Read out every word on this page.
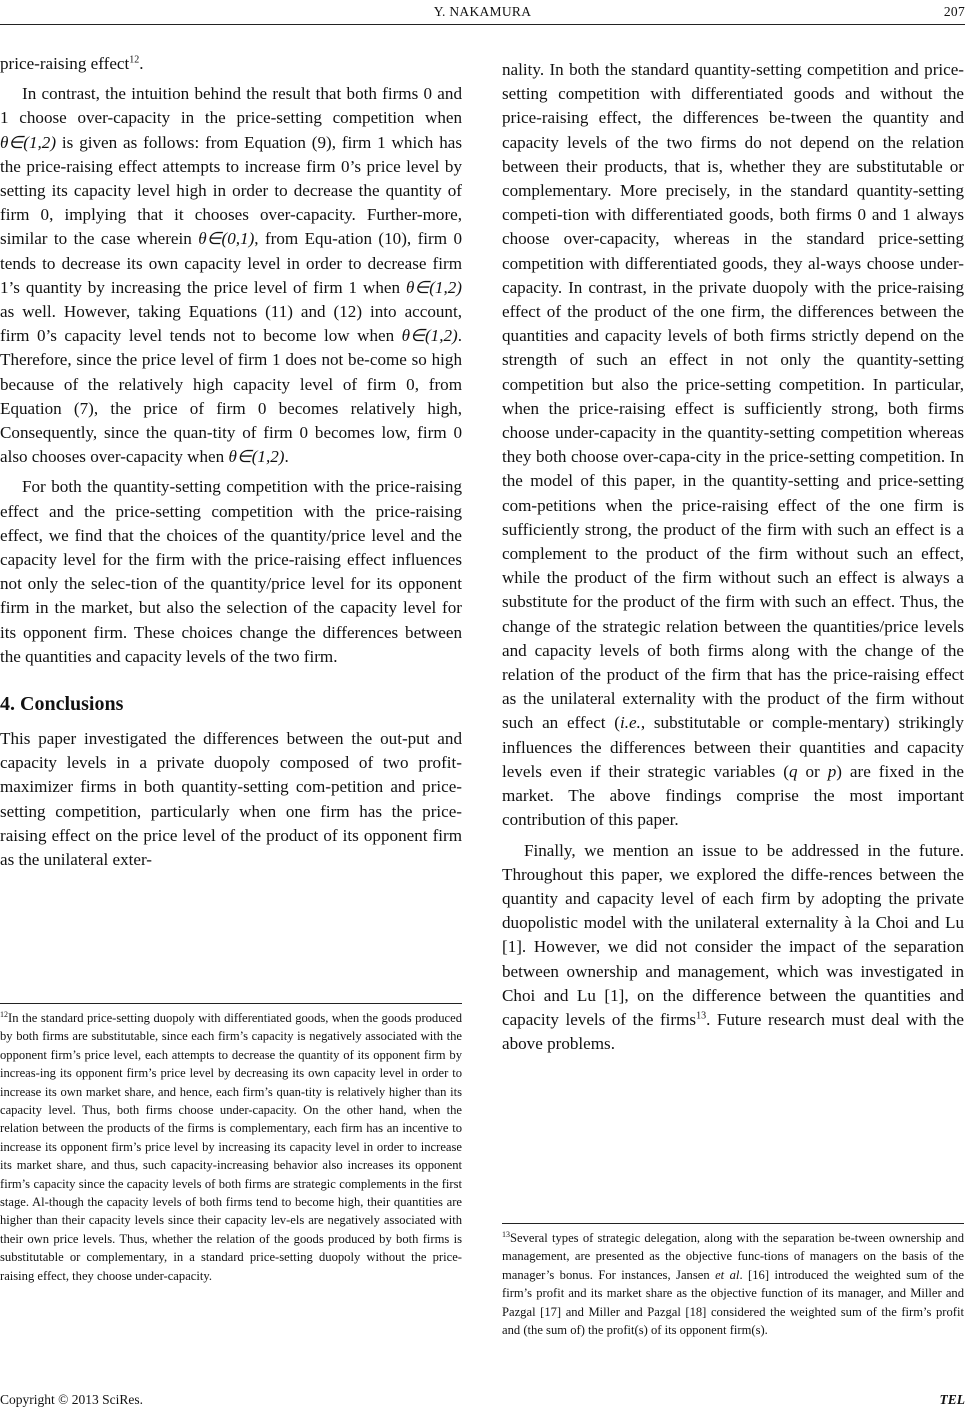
Y. NAKAMURA	207

price-raising effect$^{12}$.

In contrast, the intuition behind the result that both firms 0 and 1 choose over-capacity in the price-setting competition when θ∈(1,2) is given as follows: from Equation (9), firm 1 which has the price-raising effect attempts to increase firm 0’s price level by setting its capacity level high in order to decrease the quantity of firm 0, implying that it chooses over-capacity. Further-more, similar to the case wherein θ∈(0,1), from Equ-ation (10), firm 0 tends to decrease its own capacity level in order to decrease firm 1’s quantity by increasing the price level of firm 1 when θ∈(1,2) as well. However, taking Equations (11) and (12) into account, firm 0’s capacity level tends not to become low when θ∈(1,2). Therefore, since the price level of firm 1 does not be-come so high because of the relatively high capacity level of firm 0, from Equation (7), the price of firm 0 becomes relatively high, Consequently, since the quan-tity of firm 0 becomes low, firm 0 also chooses over-capacity when θ∈(1,2).

For both the quantity-setting competition with the price-raising effect and the price-setting competition with the price-raising effect, we find that the choices of the quantity/price level and the capacity level for the firm with the price-raising effect influences not only the selec-tion of the quantity/price level for its opponent firm in the market, but also the selection of the capacity level for its opponent firm. These choices change the differences between the quantities and capacity levels of the two firm.

4. Conclusions

This paper investigated the differences between the out-put and capacity levels in a private duopoly composed of two profit-maximizer firms in both quantity-setting com-petition and price-setting competition, particularly when one firm has the price-raising effect on the price level of the product of its opponent firm as the unilateral exter-

$^{12}$In the standard price-setting duopoly with differentiated goods, when the goods produced by both firms are substitutable, since each firm’s capacity is negatively associated with the opponent firm’s price level, each attempts to decrease the quantity of its opponent firm by increas-ing its opponent firm’s price level by decreasing its own capacity level in order to increase its own market share, and hence, each firm’s quan-tity is relatively higher than its capacity level. Thus, both firms choose under-capacity. On the other hand, when the relation between the products of the firms is complementary, each firm has an incentive to increase its opponent firm’s price level by increasing its capacity level in order to increase its market share, and thus, such capacity-increasing behavior also increases its opponent firm’s capacity since the capacity levels of both firms are strategic complements in the first stage. Al-though the capacity levels of both firms tend to become high, their quantities are higher than their capacity levels since their capacity lev-els are negatively associated with their own price levels. Thus, whether the relation of the goods produced by both firms is substitutable or complementary, in a standard price-setting duopoly without the price-raising effect, they choose under-capacity.

nality. In both the standard quantity-setting competition and price-setting competition with differentiated goods and without the price-raising effect, the differences be-tween the quantity and capacity levels of the two firms do not depend on the relation between their products, that is, whether they are substitutable or complementary. More precisely, in the standard quantity-setting competi-tion with differentiated goods, both firms 0 and 1 always choose over-capacity, whereas in the standard price-setting competition with differentiated goods, they al-ways choose under-capacity. In contrast, in the private duopoly with the price-raising effect of the product of the one firm, the differences between the quantities and capacity levels of both firms strictly depend on the strength of such an effect in not only the quantity-setting competition but also the price-setting competition. In particular, when the price-raising effect is sufficiently strong, both firms choose under-capacity in the quantity-setting competition whereas they both choose over-capa-city in the price-setting competition. In the model of this paper, in the quantity-setting and price-setting com-petitions when the price-raising effect of the one firm is sufficiently strong, the product of the firm with such an effect is a complement to the product of the firm without such an effect, while the product of the firm without such an effect is always a substitute for the product of the firm with such an effect. Thus, the change of the strategic relation between the quantities/price levels and capacity levels of both firms along with the change of the relation of the product of the firm that has the price-raising effect as the unilateral externality with the product of the firm without such an effect (i.e., substitutable or comple-mentary) strikingly influences the differences between their quantities and capacity levels even if their strategic variables (q or p) are fixed in the market. The above findings comprise the most important contribution of this paper.

Finally, we mention an issue to be addressed in the future. Throughout this paper, we explored the diffe-rences between the quantity and capacity level of each firm by adopting the private duopolistic model with the unilateral externality à la Choi and Lu [1]. However, we did not consider the impact of the separation between ownership and management, which was investigated in Choi and Lu [1], on the difference between the quantities and capacity levels of the firms$^{13}$. Future research must deal with the above problems.

$^{13}$Several types of strategic delegation, along with the separation be-tween ownership and management, are presented as the objective func-tions of managers on the basis of the manager’s bonus. For instances, Jansen et al. [16] introduced the weighted sum of the firm’s profit and its market share as the objective function of its manager, and Miller and Pazgal [17] and Miller and Pazgal [18] considered the weighted sum of the firm’s profit and (the sum of) the profit(s) of its opponent firm(s).

Copyright © 2013 SciRes.	TEL
